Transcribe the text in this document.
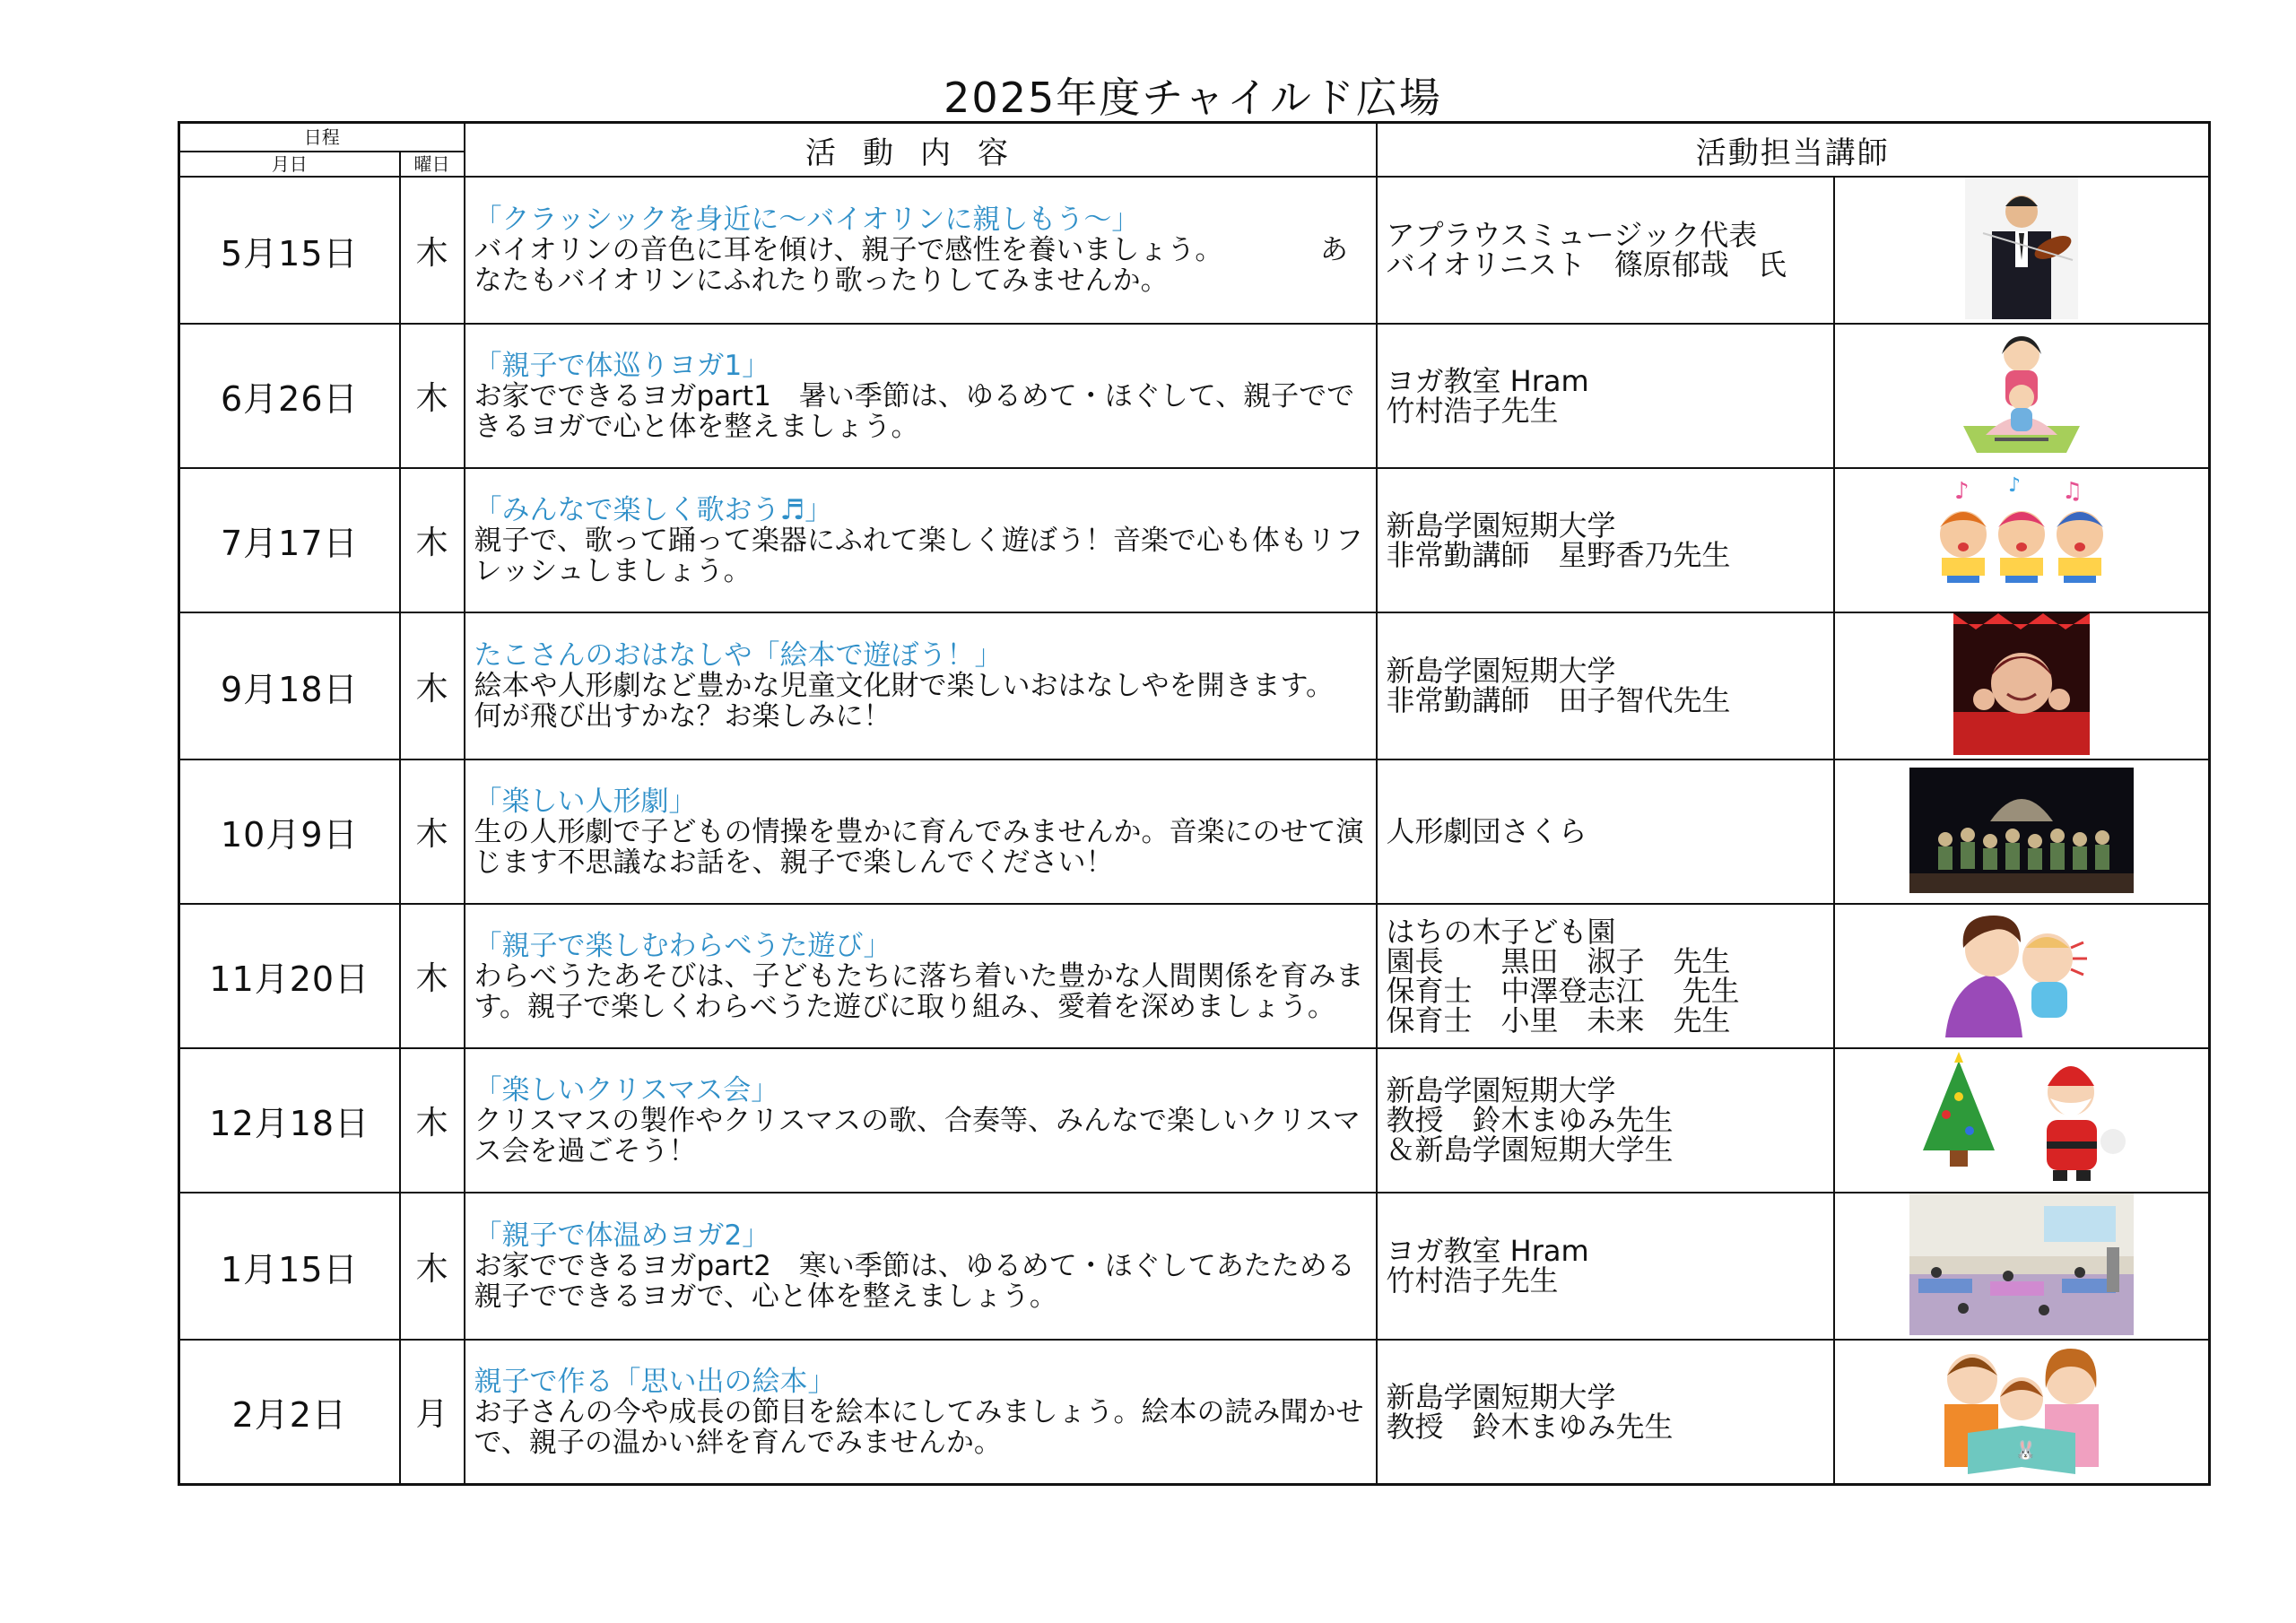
2025年度チャイルド広場
日程		活動内容	活動担当講師	
月日	曜日			
5月15日	木	「クラッシックを身近に～バイオリンに親しもう～」
バイオリンの音色に耳を傾け、親子で感性を養いましょう。　　　　あなたもバイオリンにふれたり歌ったりしてみませんか。	アプラウスミュージック代表
バイオリニスト　篠原郁哉　氏	
6月26日	木	「親子で体巡りヨガ1」
お家でできるヨガpart1　暑い季節は、ゆるめて・ほぐして、親子でできるヨガで心と体を整えましょう。	ヨガ教室 Hram
竹村浩子先生	
7月17日	木	「みんなで楽しく歌おう♬」
親子で、歌って踊って楽器にふれて楽しく遊ぼう！音楽で心も体もリフレッシュしましょう。	新島学園短期大学
非常勤講師　星野香乃先生	♪ ♫
♪

9月18日	木	たこさんのおはなしや「絵本で遊ぼう！」
絵本や人形劇など豊かな児童文化財で楽しいおはなしやを開きます。 何が飛び出すかな？お楽しみに！	新島学園短期大学
非常勤講師　田子智代先生	
10月9日	木	「楽しい人形劇」
生の人形劇で子どもの情操を豊かに育んでみませんか。音楽にのせて演じます不思議なお話を、親子で楽しんでください！	人形劇団さくら	
11月20日	木	「親子で楽しむわらべうた遊び」
わらべうたあそびは、子どもたちに落ち着いた豊かな人間関係を育みます。親子で楽しくわらべうた遊びに取り組み、愛着を深めましょう。	はちの木子ども園
園長　　黒田　淑子　先生
保育士　中澤登志江　 先生
保育士　小里　未来　先生	
12月18日	木	「楽しいクリスマス会」
クリスマスの製作やクリスマスの歌、合奏等、みんなで楽しいクリスマス会を過ごそう！	新島学園短期大学
教授　鈴木まゆみ先生
＆新島学園短期大学生	
1月15日	木	「親子で体温めヨガ2」
お家でできるヨガpart2　寒い季節は、ゆるめて・ほぐしてあたためる親子でできるヨガで、心と体を整えましょう。	ヨガ教室 Hram
竹村浩子先生	
2月2日	月	親子で作る「思い出の絵本」
お子さんの今や成長の節目を絵本にしてみましょう。絵本の読み聞かせで、親子の温かい絆を育んでみませんか。	新島学園短期大学
教授　鈴木まゆみ先生	🐰
